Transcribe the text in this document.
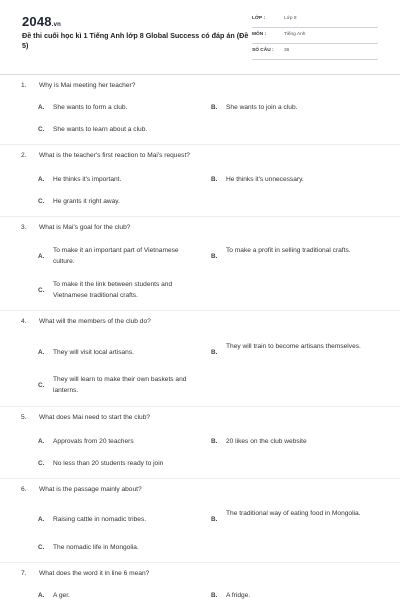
2048.vn
Đề thi cuối học kì 1 Tiếng Anh lớp 8 Global Success có đáp án (Đề 5)
LỚP :	Lớp 8
MÔN :	Tiếng Anh
SỐ CÂU : 36
1. Why is Mai meeting her teacher?
A. She wants to form a club.	B. She wants to join a club.
C. She wants to learn about a club.
2. What is the teacher's first reaction to Mai's request?
A. He thinks it's important.	B. He thinks it's unnecessary.
C. He grants it right away.
3. What is Mai's goal for the club?
A.
To make it an important part of Vietnamese culture.
B.
To make a profit in selling traditional crafts.
C.
To make it the link between students and Vietnamese traditional crafts.
4. What will the members of the club do?
A. They will visit local artisans.	B.
They will train to become artisans themselves.
C.
They will learn to make their own baskets and lanterns.
5. What does Mai need to start the club?
A. Approvals from 20 teachers	B. 20 likes on the club website
C. No less than 20 students ready to join
6. What is the passage mainly about?
A. Raising cattle in nomadic tribes.	B.
The traditional way of eating food in Mongolia.
C. The nomadic life in Mongolia.
7. What does the word it in line 6 mean?
A. A ger.	B. A fridge.
